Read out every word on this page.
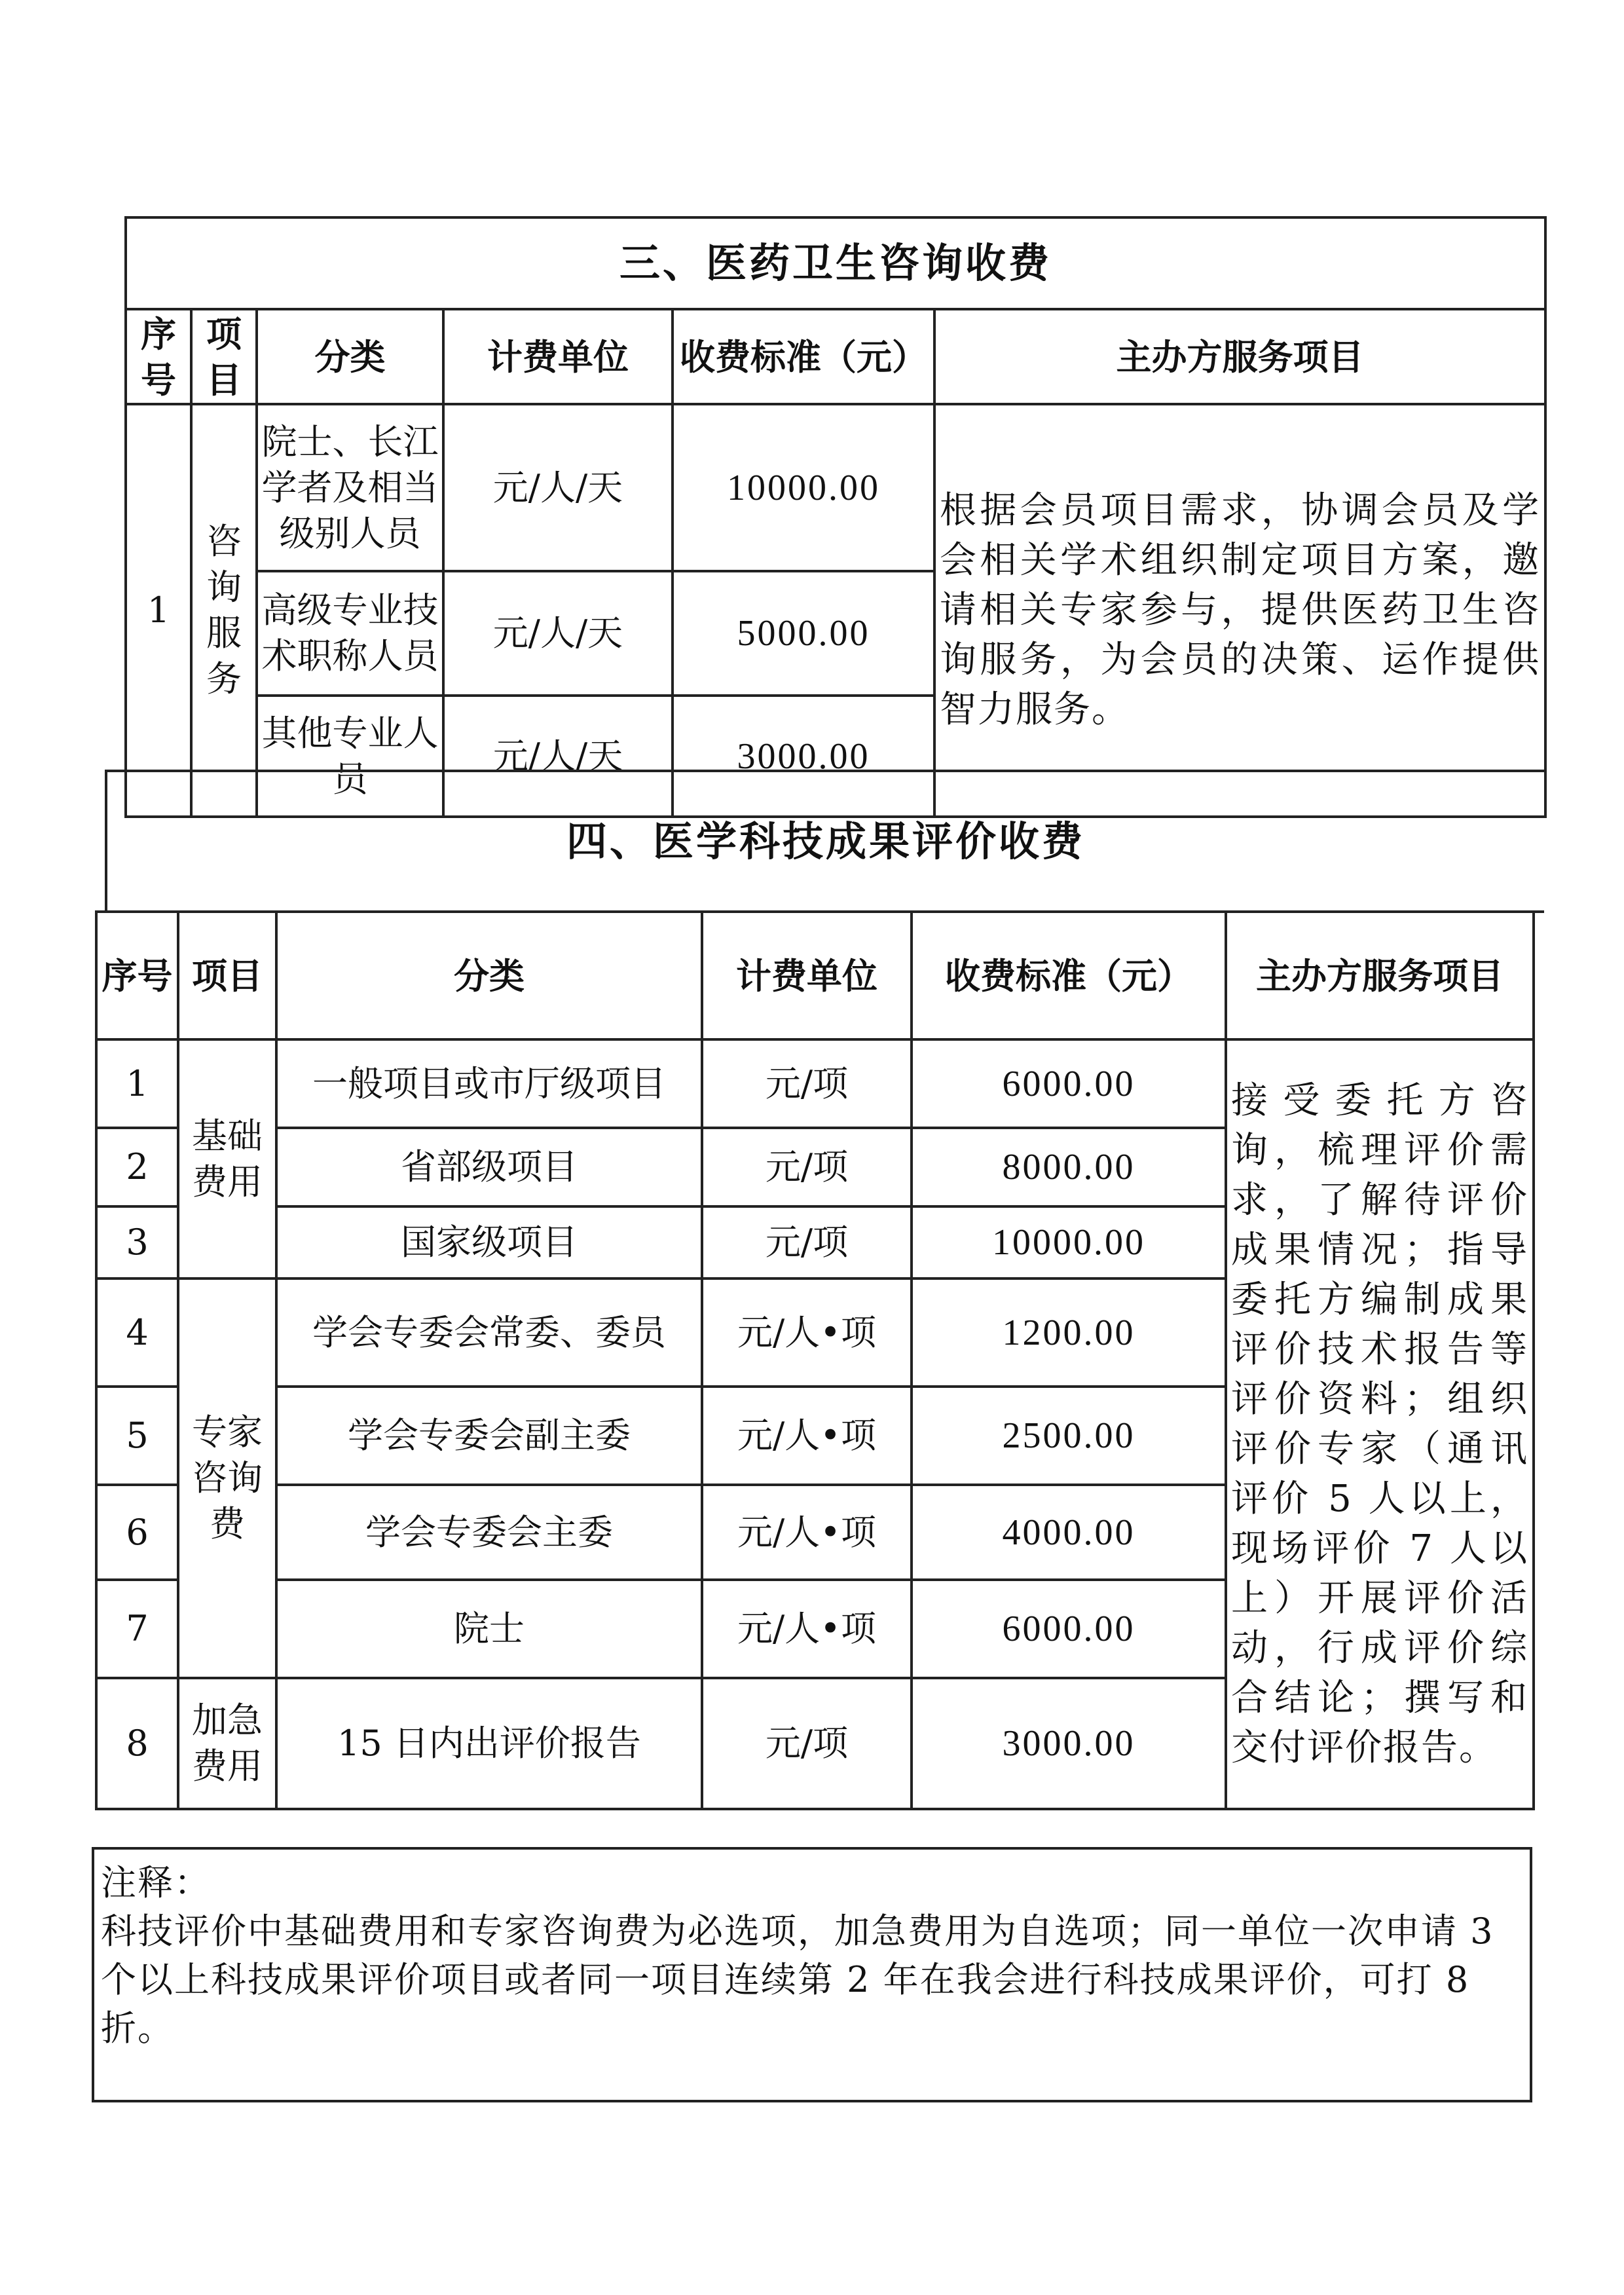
三、医药卫生咨询收费					
序号	项目	分类	计费单位	收费标准（元）	主办方服务项目
1	咨询服务	院士、长江学者及相当级别人员	元/人/天	10000.00	根据会员项目需求，协调会员及学会相关学术组织制定项目方案，邀请相关专家参与，提供医药卫生咨询服务，为会员的决策、运作提供智力服务。
		高级专业技术职称人员	元/人/天	5000.00	
		其他专业人员	元/人/天	3000.00	
四、医学科技成果评价收费
序号	项目	分类	计费单位	收费标准（元）	主办方服务项目
1	基础费用	一般项目或市厅级项目	元/项	6000.00	接受委托方咨询，梳理评价需求，了解待评价成果情况；指导委托方编制成果评价技术报告等评价资料；组织评价专家（通讯评价 5 人以上，现场评价 7 人以上）开展评价活动，行成评价综合结论；撰写和交付评价报告。
2		省部级项目	元/项	8000.00	
3		国家级项目	元/项	10000.00	
4	专家咨询费	学会专委会常委、委员	元/人•项	1200.00	
5		学会专委会副主委	元/人•项	2500.00	
6		学会专委会主委	元/人•项	4000.00	
7		院士	元/人•项	6000.00	
8	加急费用	15 日内出评价报告	元/项	3000.00	

注释：

科技评价中基础费用和专家咨询费为必选项，加急费用为自选项；同一单位一次申请 3 个以上科技成果评价项目或者同一项目连续第 2 年在我会进行科技成果评价，可打 8 折。
